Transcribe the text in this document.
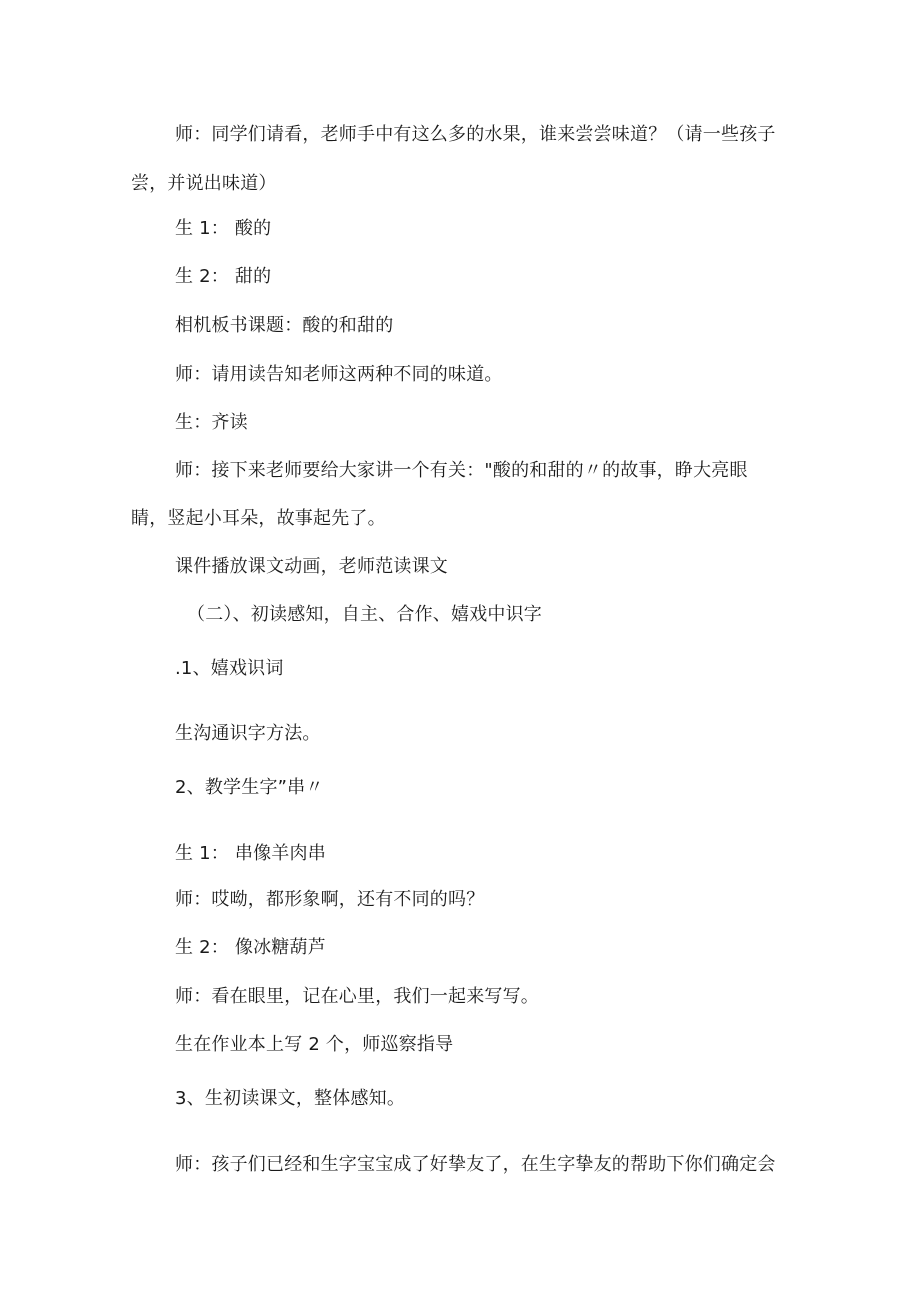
师：同学们请看，老师手中有这么多的水果，谁来尝尝味道？（请一些孩子
尝，并说出味道）
生 1： 酸的
生 2： 甜的
相机板书课题：酸的和甜的
师：请用读告知老师这两种不同的味道。
生：齐读
师：接下来老师要给大家讲一个有关："酸的和甜的〃的故事，睁大亮眼
睛，竖起小耳朵，故事起先了。
课件播放课文动画，老师范读课文
（二）、初读感知，自主、合作、嬉戏中识字
.1、嬉戏识词
生沟通识字方法。
2、教学生字”串〃
生 1： 串像羊肉串
师：哎呦，都形象啊，还有不同的吗？
生 2： 像冰糖葫芦
师：看在眼里，记在心里，我们一起来写写。
生在作业本上写 2 个，师巡察指导
3、生初读课文，整体感知。
师：孩子们已经和生字宝宝成了好挚友了，在生字挚友的帮助下你们确定会
